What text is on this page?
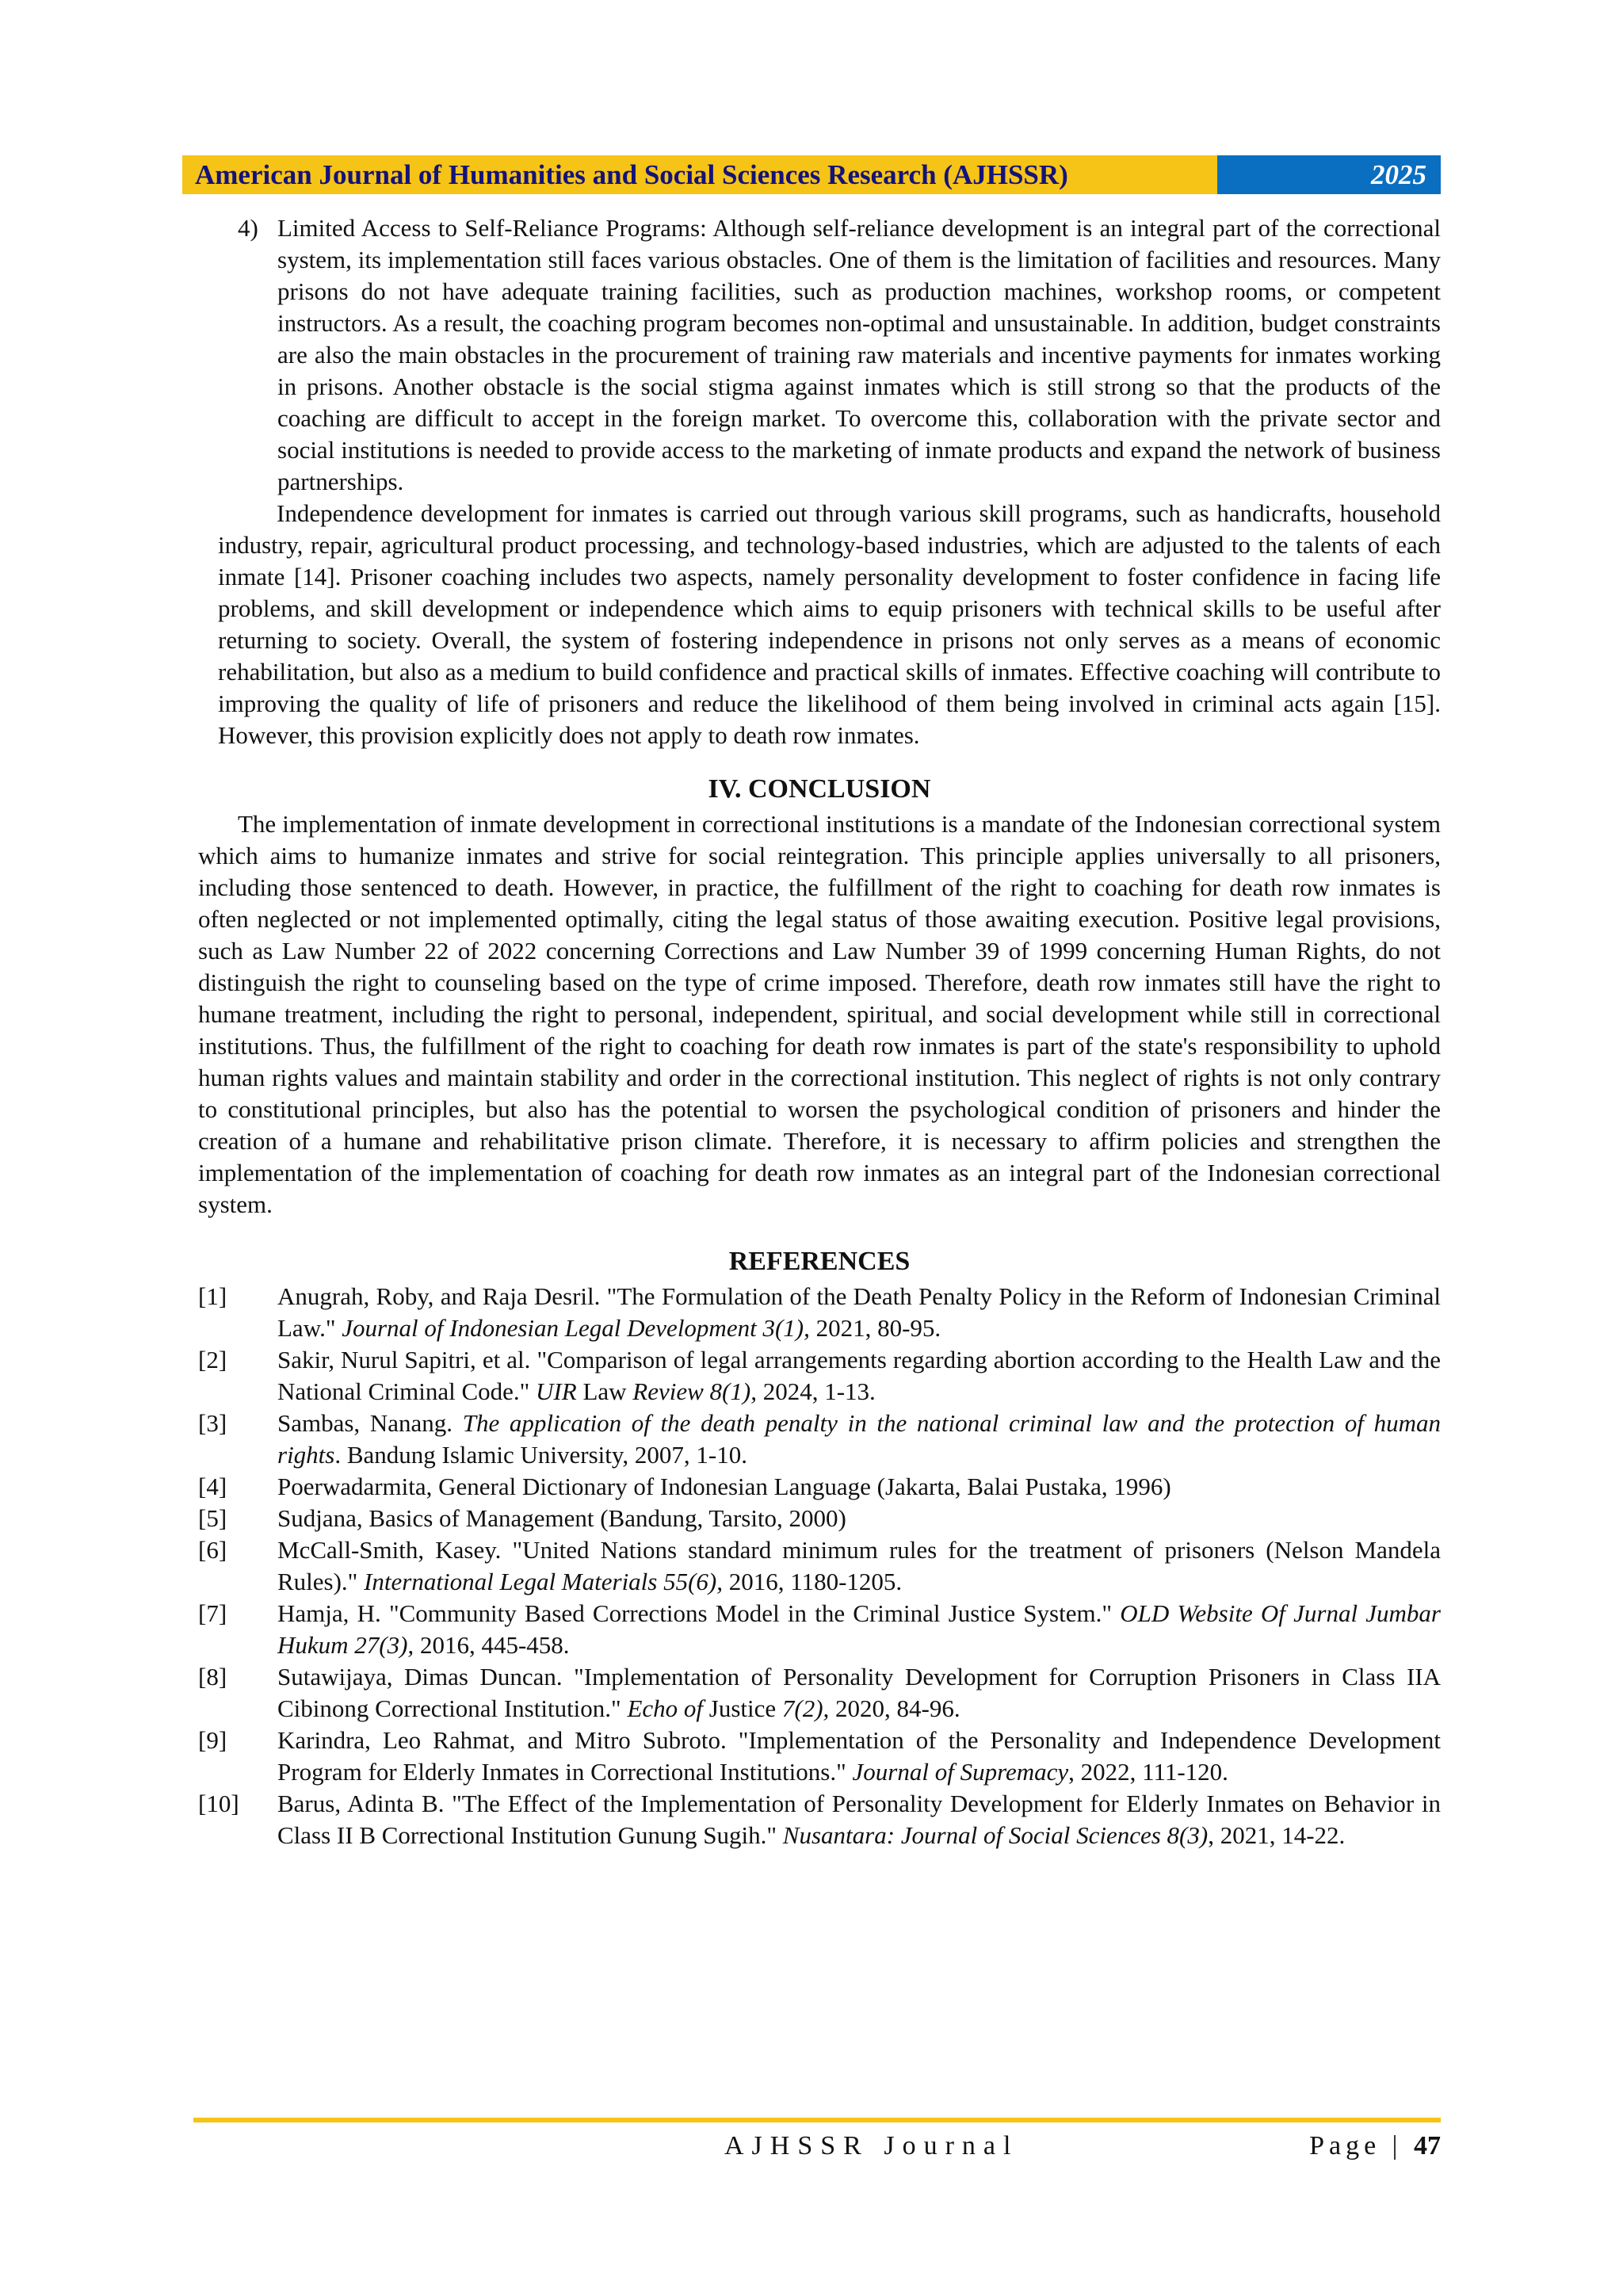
American Journal of Humanities and Social Sciences Research (AJHSSR)	2025
4) Limited Access to Self-Reliance Programs: Although self-reliance development is an integral part of the correctional system, its implementation still faces various obstacles. One of them is the limitation of facilities and resources. Many prisons do not have adequate training facilities, such as production machines, workshop rooms, or competent instructors. As a result, the coaching program becomes non-optimal and unsustainable. In addition, budget constraints are also the main obstacles in the procurement of training raw materials and incentive payments for inmates working in prisons. Another obstacle is the social stigma against inmates which is still strong so that the products of the coaching are difficult to accept in the foreign market. To overcome this, collaboration with the private sector and social institutions is needed to provide access to the marketing of inmate products and expand the network of business partnerships.

Independence development for inmates is carried out through various skill programs, such as handicrafts, household industry, repair, agricultural product processing, and technology-based industries, which are adjusted to the talents of each inmate [14]. Prisoner coaching includes two aspects, namely personality development to foster confidence in facing life problems, and skill development or independence which aims to equip prisoners with technical skills to be useful after returning to society. Overall, the system of fostering independence in prisons not only serves as a means of economic rehabilitation, but also as a medium to build confidence and practical skills of inmates. Effective coaching will contribute to improving the quality of life of prisoners and reduce the likelihood of them being involved in criminal acts again [15]. However, this provision explicitly does not apply to death row inmates.

IV. CONCLUSION

The implementation of inmate development in correctional institutions is a mandate of the Indonesian correctional system which aims to humanize inmates and strive for social reintegration. This principle applies universally to all prisoners, including those sentenced to death. However, in practice, the fulfillment of the right to coaching for death row inmates is often neglected or not implemented optimally, citing the legal status of those awaiting execution. Positive legal provisions, such as Law Number 22 of 2022 concerning Corrections and Law Number 39 of 1999 concerning Human Rights, do not distinguish the right to counseling based on the type of crime imposed. Therefore, death row inmates still have the right to humane treatment, including the right to personal, independent, spiritual, and social development while still in correctional institutions. Thus, the fulfillment of the right to coaching for death row inmates is part of the state's responsibility to uphold human rights values and maintain stability and order in the correctional institution. This neglect of rights is not only contrary to constitutional principles, but also has the potential to worsen the psychological condition of prisoners and hinder the creation of a humane and rehabilitative prison climate. Therefore, it is necessary to affirm policies and strengthen the implementation of the implementation of coaching for death row inmates as an integral part of the Indonesian correctional system.

REFERENCES
[1]	Anugrah, Roby, and Raja Desril. "The Formulation of the Death Penalty Policy in the Reform of Indonesian Criminal Law." Journal of Indonesian Legal Development 3(1), 2021, 80-95.
[2]	Sakir, Nurul Sapitri, et al. "Comparison of legal arrangements regarding abortion according to the Health Law and the National Criminal Code." UIR Law Review 8(1), 2024, 1-13.
[3]	Sambas, Nanang. The application of the death penalty in the national criminal law and the protection of human rights. Bandung Islamic University, 2007, 1-10.
[4]	Poerwadarmita, General Dictionary of Indonesian Language (Jakarta, Balai Pustaka, 1996)
[5]	Sudjana, Basics of Management (Bandung, Tarsito, 2000)
[6]	McCall-Smith, Kasey. "United Nations standard minimum rules for the treatment of prisoners (Nelson Mandela Rules)." International Legal Materials 55(6), 2016, 1180-1205.
[7]	Hamja, H. "Community Based Corrections Model in the Criminal Justice System." OLD Website Of Jurnal Jumbar Hukum 27(3), 2016, 445-458.
[8]	Sutawijaya, Dimas Duncan. "Implementation of Personality Development for Corruption Prisoners in Class IIA Cibinong Correctional Institution." Echo of Justice 7(2), 2020, 84-96.
[9]	Karindra, Leo Rahmat, and Mitro Subroto. "Implementation of the Personality and Independence Development Program for Elderly Inmates in Correctional Institutions." Journal of Supremacy, 2022, 111-120.
[10]	Barus, Adinta B. "The Effect of the Implementation of Personality Development for Elderly Inmates on Behavior in Class II B Correctional Institution Gunung Sugih." Nusantara: Journal of Social Sciences 8(3), 2021, 14-22.
AJHSSR Journal	Page | 47
